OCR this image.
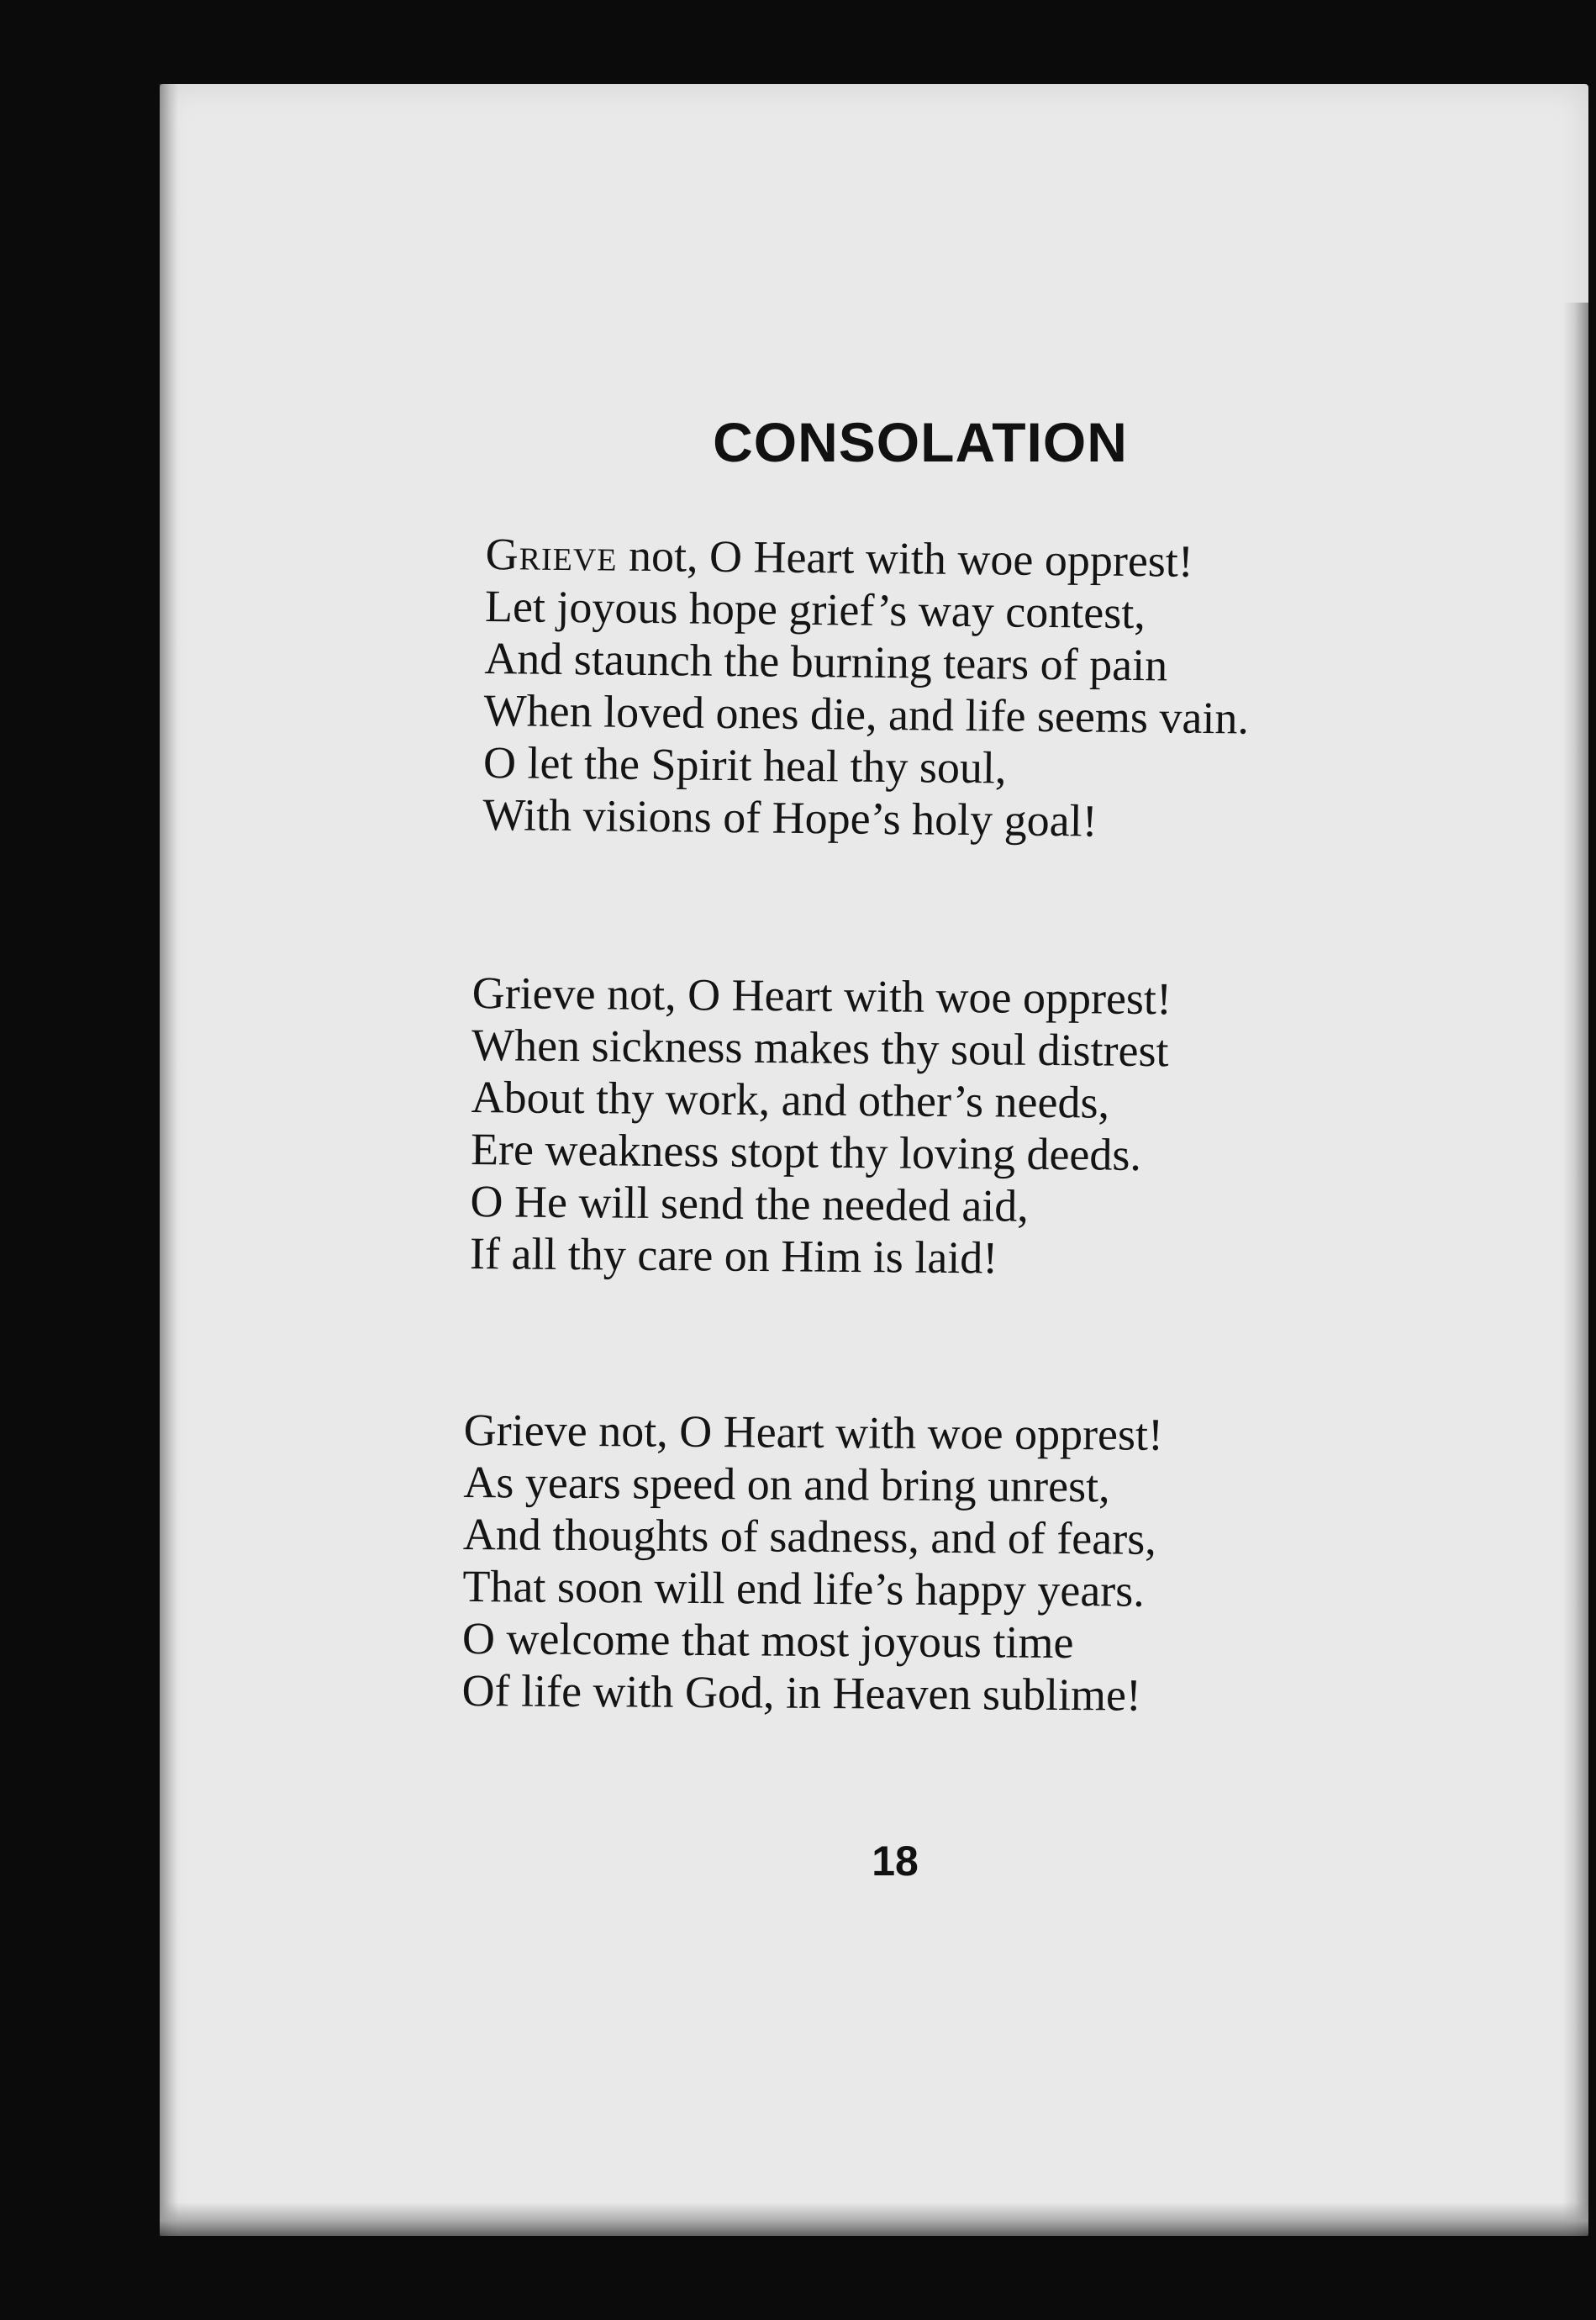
CONSOLATION
Grieve not, O Heart with woe opprest!
Let joyous hope grief’s way contest,
And staunch the burning tears of pain
When loved ones die, and life seems vain.
O let the Spirit heal thy soul,
With visions of Hope’s holy goal!
Grieve not, O Heart with woe opprest!
When sickness makes thy soul distrest
About thy work, and other’s needs,
Ere weakness stopt thy loving deeds.
O He will send the needed aid,
If all thy care on Him is laid!
Grieve not, O Heart with woe opprest!
As years speed on and bring unrest,
And thoughts of sadness, and of fears,
That soon will end life’s happy years.
O welcome that most joyous time
Of life with God, in Heaven sublime!
18
